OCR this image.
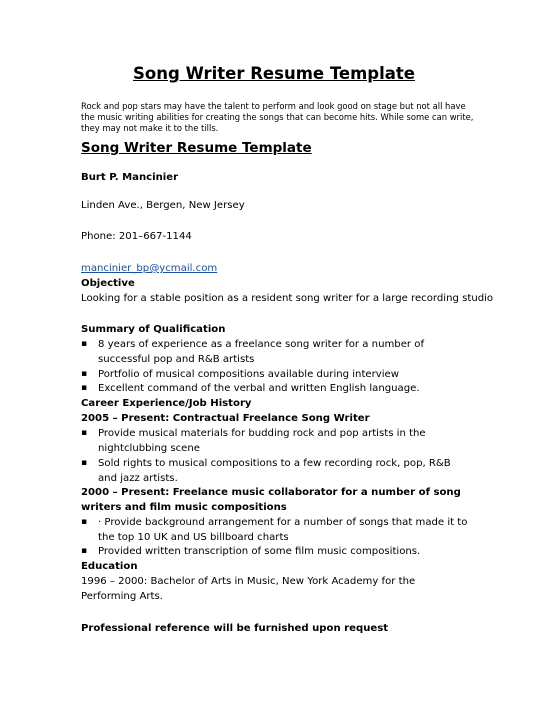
Song Writer Resume Template
Rock and pop stars may have the talent to perform and look good on stage but not all have the music writing abilities for creating the songs that can become hits. While some can write, they may not make it to the tills.
Song Writer Resume Template
Burt P. Mancinier
Linden Ave., Bergen, New Jersey
Phone: 201–667-1144
mancinier_bp@ycmail.com
Objective
Looking for a stable position as a resident song writer for a large recording studio
Summary of Qualification
▪ 8 years of experience as a freelance song writer for a number of successful pop and R&B artists
▪ Portfolio of musical compositions available during interview
▪ Excellent command of the verbal and written English language.
Career Experience/Job History
2005 – Present: Contractual Freelance Song Writer
▪ Provide musical materials for budding rock and pop artists in the nightclubbing scene
▪ Sold rights to musical compositions to a few recording rock, pop, R&B and jazz artists.
2000 – Present: Freelance music collaborator for a number of song
writers and film music compositions
▪ · Provide background arrangement for a number of songs that made it to the top 10 UK and US billboard charts
▪ Provided written transcription of some film music compositions.
Education
1996 – 2000: Bachelor of Arts in Music, New York Academy for the Performing Arts.
Professional reference will be furnished upon request
